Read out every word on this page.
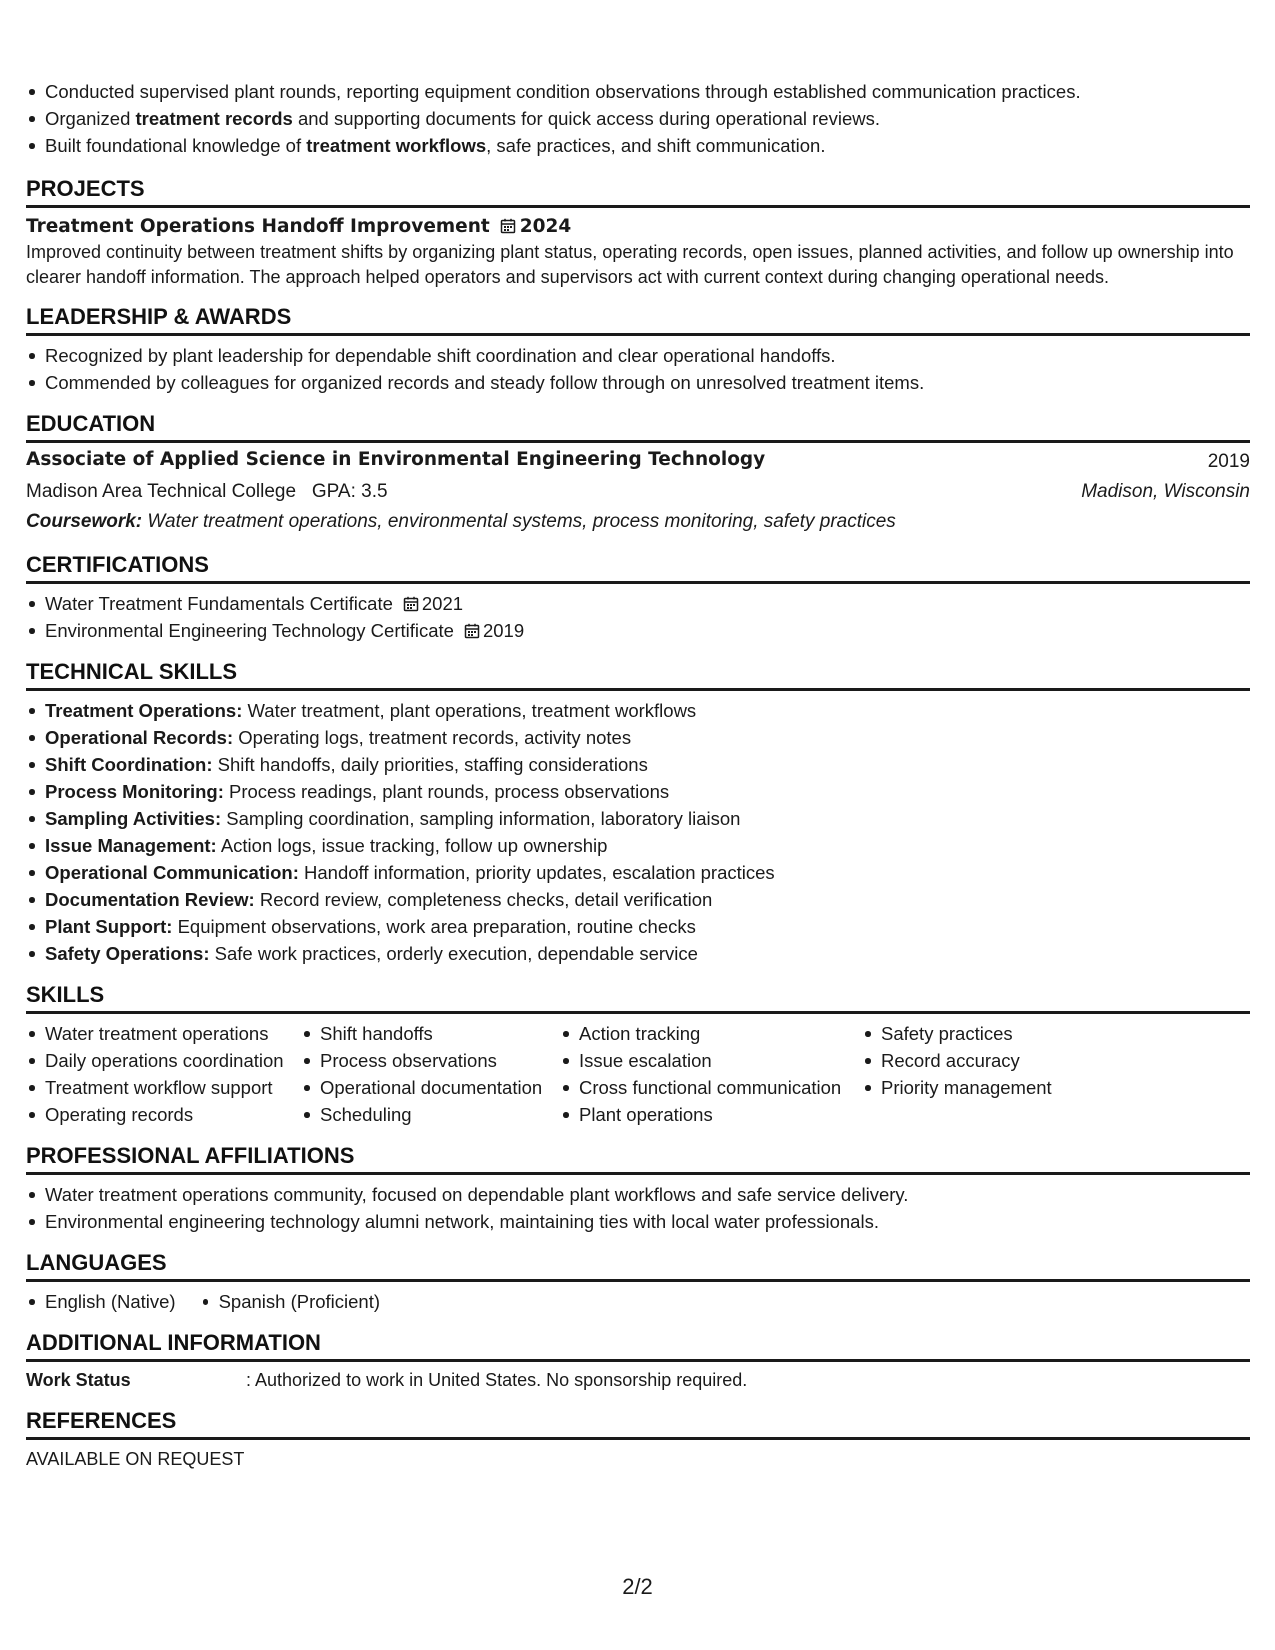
Conducted supervised plant rounds, reporting equipment condition observations through established communication practices.
Organized treatment records and supporting documents for quick access during operational reviews.
Built foundational knowledge of treatment workflows, safe practices, and shift communication.
PROJECTS
Treatment Operations Handoff Improvement 2024
Improved continuity between treatment shifts by organizing plant status, operating records, open issues, planned activities, and follow up ownership into clearer handoff information. The approach helped operators and supervisors act with current context during changing operational needs.
LEADERSHIP & AWARDS
Recognized by plant leadership for dependable shift coordination and clear operational handoffs.
Commended by colleagues for organized records and steady follow through on unresolved treatment items.
EDUCATION
Associate of Applied Science in Environmental Engineering Technology	2019
Madison Area Technical College GPA: 3.5	Madison, Wisconsin
Coursework: Water treatment operations, environmental systems, process monitoring, safety practices
CERTIFICATIONS
Water Treatment Fundamentals Certificate 2021
Environmental Engineering Technology Certificate 2019
TECHNICAL SKILLS
Treatment Operations: Water treatment, plant operations, treatment workflows
Operational Records: Operating logs, treatment records, activity notes
Shift Coordination: Shift handoffs, daily priorities, staffing considerations
Process Monitoring: Process readings, plant rounds, process observations
Sampling Activities: Sampling coordination, sampling information, laboratory liaison
Issue Management: Action logs, issue tracking, follow up ownership
Operational Communication: Handoff information, priority updates, escalation practices
Documentation Review: Record review, completeness checks, detail verification
Plant Support: Equipment observations, work area preparation, routine checks
Safety Operations: Safe work practices, orderly execution, dependable service
SKILLS
Water treatment operations
Daily operations coordination
Treatment workflow support
Operating records
Shift handoffs
Process observations
Operational documentation
Scheduling
Action tracking
Issue escalation
Cross functional communication
Plant operations
Safety practices
Record accuracy
Priority management
PROFESSIONAL AFFILIATIONS
Water treatment operations community, focused on dependable plant workflows and safe service delivery.
Environmental engineering technology alumni network, maintaining ties with local water professionals.
LANGUAGES
English (Native)	Spanish (Proficient)
ADDITIONAL INFORMATION
Work Status	: Authorized to work in United States. No sponsorship required.
REFERENCES
AVAILABLE ON REQUEST
2/2
